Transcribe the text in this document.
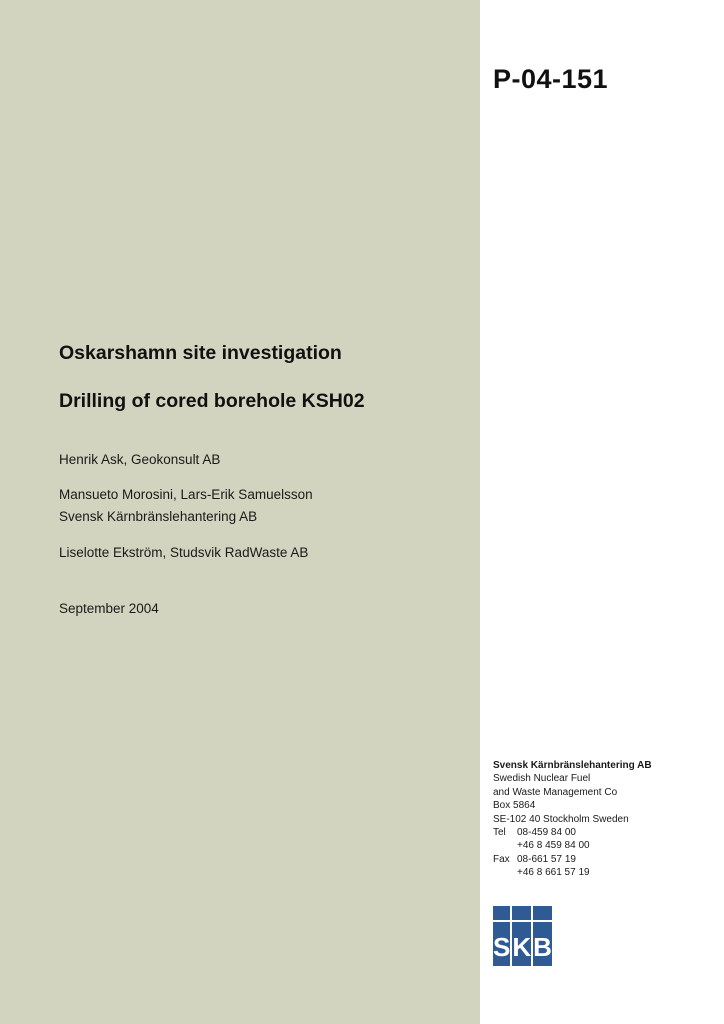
P-04-151
Oskarshamn site investigation
Drilling of cored borehole KSH02
Henrik Ask, Geokonsult AB
Mansueto Morosini, Lars-Erik Samuelsson
Svensk Kärnbränslehantering AB
Liselotte Ekström, Studsvik RadWaste AB
September 2004
Svensk Kärnbränslehantering AB
Swedish Nuclear Fuel
and Waste Management Co
Box 5864
SE-102 40 Stockholm Sweden
Tel 08-459 84 00
+46 8 459 84 00
Fax 08-661 57 19
+46 8 661 57 19
S K B
